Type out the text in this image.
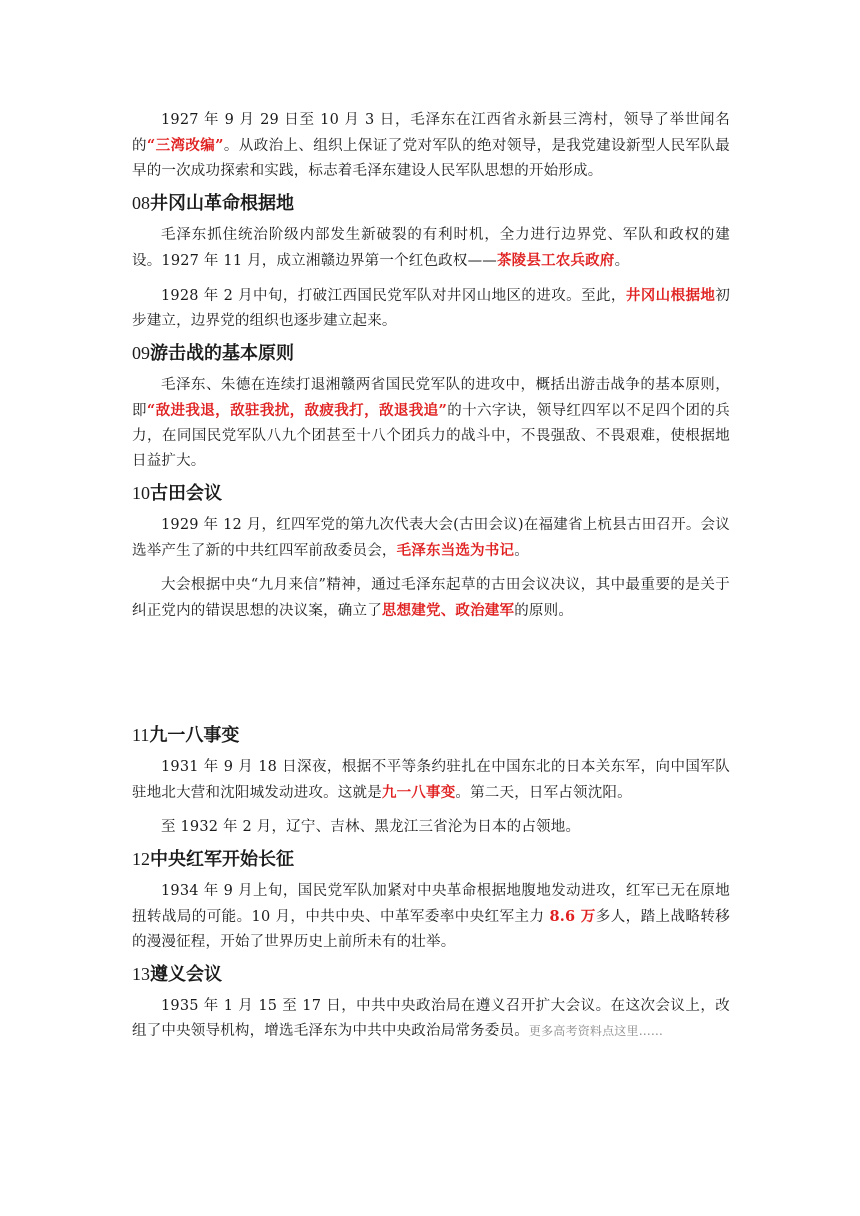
1927 年 9 月 29 日至 10 月 3 日，毛泽东在江西省永新县三湾村，领导了举世闻名的“三湾改编”。从政治上、组织上保证了党对军队的绝对领导，是我党建设新型人民军队最早的一次成功探索和实践，标志着毛泽东建设人民军队思想的开始形成。

08井冈山革命根据地

毛泽东抓住统治阶级内部发生新破裂的有利时机，全力进行边界党、军队和政权的建设。1927 年 11 月，成立湘赣边界第一个红色政权——茶陵县工农兵政府。

1928 年 2 月中旬，打破江西国民党军队对井冈山地区的进攻。至此，井冈山根据地初步建立，边界党的组织也逐步建立起来。

09游击战的基本原则

毛泽东、朱德在连续打退湘赣两省国民党军队的进攻中，概括出游击战争的基本原则，即“敌进我退，敌驻我扰，敌疲我打，敌退我追”的十六字诀，领导红四军以不足四个团的兵力，在同国民党军队八九个团甚至十八个团兵力的战斗中，不畏强敌、不畏艰难，使根据地日益扩大。

10古田会议

1929 年 12 月，红四军党的第九次代表大会(古田会议)在福建省上杭县古田召开。会议选举产生了新的中共红四军前敌委员会，毛泽东当选为书记。

大会根据中央“九月来信”精神，通过毛泽东起草的古田会议决议，其中最重要的是关于纠正党内的错误思想的决议案，确立了思想建党、政治建军的原则。

11九一八事变

1931 年 9 月 18 日深夜，根据不平等条约驻扎在中国东北的日本关东军，向中国军队驻地北大营和沈阳城发动进攻。这就是九一八事变。第二天，日军占领沈阳。

至 1932 年 2 月，辽宁、吉林、黑龙江三省沦为日本的占领地。

12中央红军开始长征

1934 年 9 月上旬，国民党军队加紧对中央革命根据地腹地发动进攻，红军已无在原地扭转战局的可能。10 月，中共中央、中革军委率中央红军主力 8.6 万多人，踏上战略转移的漫漫征程，开始了世界历史上前所未有的壮举。

13遵义会议

1935 年 1 月 15 至 17 日，中共中央政治局在遵义召开扩大会议。在这次会议上，改组了中央领导机构，增选毛泽东为中共中央政治局常务委员。更多高考资料点这里……
